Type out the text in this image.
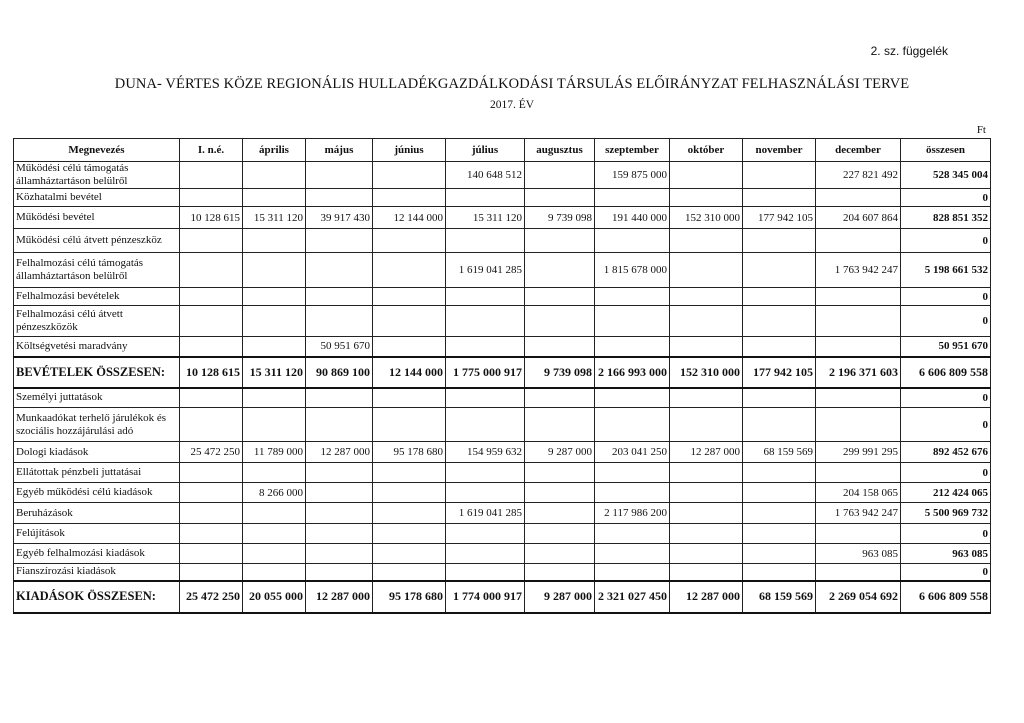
2. sz. függelék
DUNA- VÉRTES KÖZE REGIONÁLIS HULLADÉKGAZDÁLKODÁSI TÁRSULÁS ELŐIRÁNYZAT FELHASZNÁLÁSI TERVE
2017. ÉV
Ft
Megnevezés	I. n.é.	április	május	június	július	augusztus	szeptember	október	november	december	összesen
Működési célú támogatás államháztartáson belülről					140 648 512		159 875 000			227 821 492	528 345 004
Közhatalmi bevétel											0
Működési bevétel	10 128 615	15 311 120	39 917 430	12 144 000	15 311 120	9 739 098	191 440 000	152 310 000	177 942 105	204 607 864	828 851 352
Működési célú átvett pénzeszköz											0
Felhalmozási célú támogatás államháztartáson belülről					1 619 041 285		1 815 678 000			1 763 942 247	5 198 661 532
Felhalmozási bevételek											0
Felhalmozási célú átvett pénzeszközök											0
Költségvetési maradvány			50 951 670								50 951 670
BEVÉTELEK ÖSSZESEN:	10 128 615	15 311 120	90 869 100	12 144 000	1 775 000 917	9 739 098	2 166 993 000	152 310 000	177 942 105	2 196 371 603	6 606 809 558
Személyi juttatások											0
Munkaadókat terhelő járulékok és szociális hozzájárulási adó											0
Dologi kiadások	25 472 250	11 789 000	12 287 000	95 178 680	154 959 632	9 287 000	203 041 250	12 287 000	68 159 569	299 991 295	892 452 676
Ellátottak pénzbeli juttatásai											0
Egyéb működési célú kiadások		8 266 000								204 158 065	212 424 065
Beruházások					1 619 041 285		2 117 986 200			1 763 942 247	5 500 969 732
Felújítások											0
Egyéb felhalmozási kiadások										963 085	963 085
Fianszírozási kiadások											0
KIADÁSOK ÖSSZESEN:	25 472 250	20 055 000	12 287 000	95 178 680	1 774 000 917	9 287 000	2 321 027 450	12 287 000	68 159 569	2 269 054 692	6 606 809 558
